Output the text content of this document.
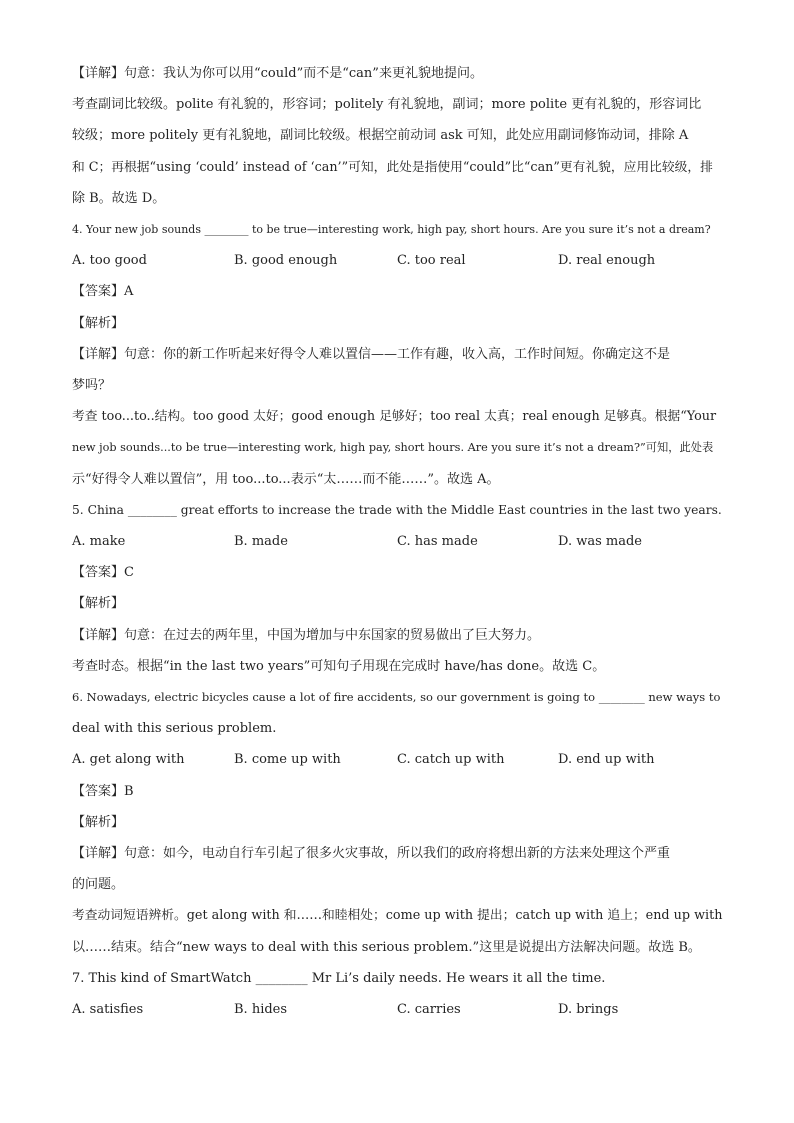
【详解】句意：我认为你可以用“could”而不是“can”来更礼貌地提问。
考查副词比较级。polite 有礼貌的，形容词；politely 有礼貌地，副词；more polite 更有礼貌的，形容词比
较级；more politely 更有礼貌地，副词比较级。根据空前动词 ask 可知，此处应用副词修饰动词，排除 A
和 C；再根据“using ‘could’ instead of ‘can’”可知，此处是指使用“could”比“can”更有礼貌，应用比较级，排
除 B。故选 D。
4. Your new job sounds ________ to be true—interesting work, high pay, short hours. Are you sure it’s not a dream?
A. too good	B. good enough	C. too real	D. real enough
【答案】A
【解析】
【详解】句意：你的新工作听起来好得令人难以置信——工作有趣，收入高，工作时间短。你确定这不是
梦吗？
考查 too...to..结构。too good 太好；good enough 足够好；too real 太真；real enough 足够真。根据“Your
new job sounds...to be true—interesting work, high pay, short hours. Are you sure it’s not a dream?”可知，此处表
示“好得令人难以置信”，用 too...to...表示“太……而不能……”。故选 A。
5. China ________ great efforts to increase the trade with the Middle East countries in the last two years.
A. make	B. made	C. has made	D. was made
【答案】C
【解析】
【详解】句意：在过去的两年里，中国为增加与中东国家的贸易做出了巨大努力。
考查时态。根据“in the last two years”可知句子用现在完成时 have/has done。故选 C。
6. Nowadays, electric bicycles cause a lot of fire accidents, so our government is going to ________ new ways to
deal with this serious problem.
A. get along with	B. come up with	C. catch up with	D. end up with
【答案】B
【解析】
【详解】句意：如今，电动自行车引起了很多火灾事故，所以我们的政府将想出新的方法来处理这个严重
的问题。
考查动词短语辨析。get along with 和……和睦相处；come up with 提出；catch up with 追上；end up with
以……结束。结合“new ways to deal with this serious problem.”这里是说提出方法解决问题。故选 B。
7. This kind of SmartWatch ________ Mr Li’s daily needs. He wears it all the time.
A. satisfies	B. hides	C. carries	D. brings
